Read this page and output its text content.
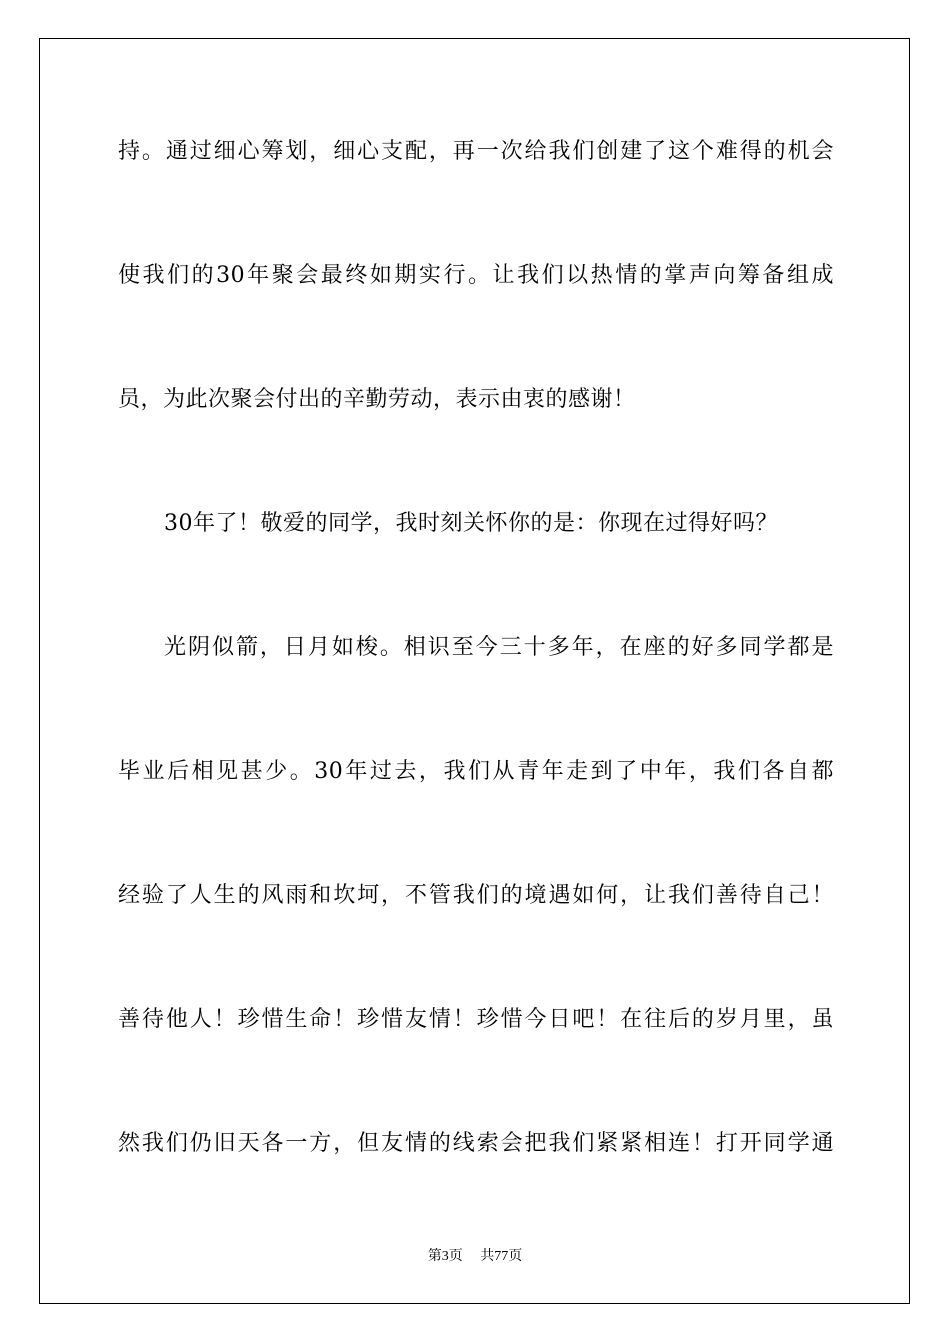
持。通过细心筹划，细心支配，再一次给我们创建了这个难得的机会
使我们的30年聚会最终如期实行。让我们以热情的掌声向筹备组成
员，为此次聚会付出的辛勤劳动，表示由衷的感谢！
30年了！敬爱的同学，我时刻关怀你的是：你现在过得好吗？
光阴似箭，日月如梭。相识至今三十多年，在座的好多同学都是
毕业后相见甚少。30年过去，我们从青年走到了中年，我们各自都
经验了人生的风雨和坎坷，不管我们的境遇如何，让我们善待自己！
善待他人！珍惜生命！珍惜友情！珍惜今日吧！在往后的岁月里，虽
然我们仍旧天各一方，但友情的线索会把我们紧紧相连！打开同学通
第3页 共77页
